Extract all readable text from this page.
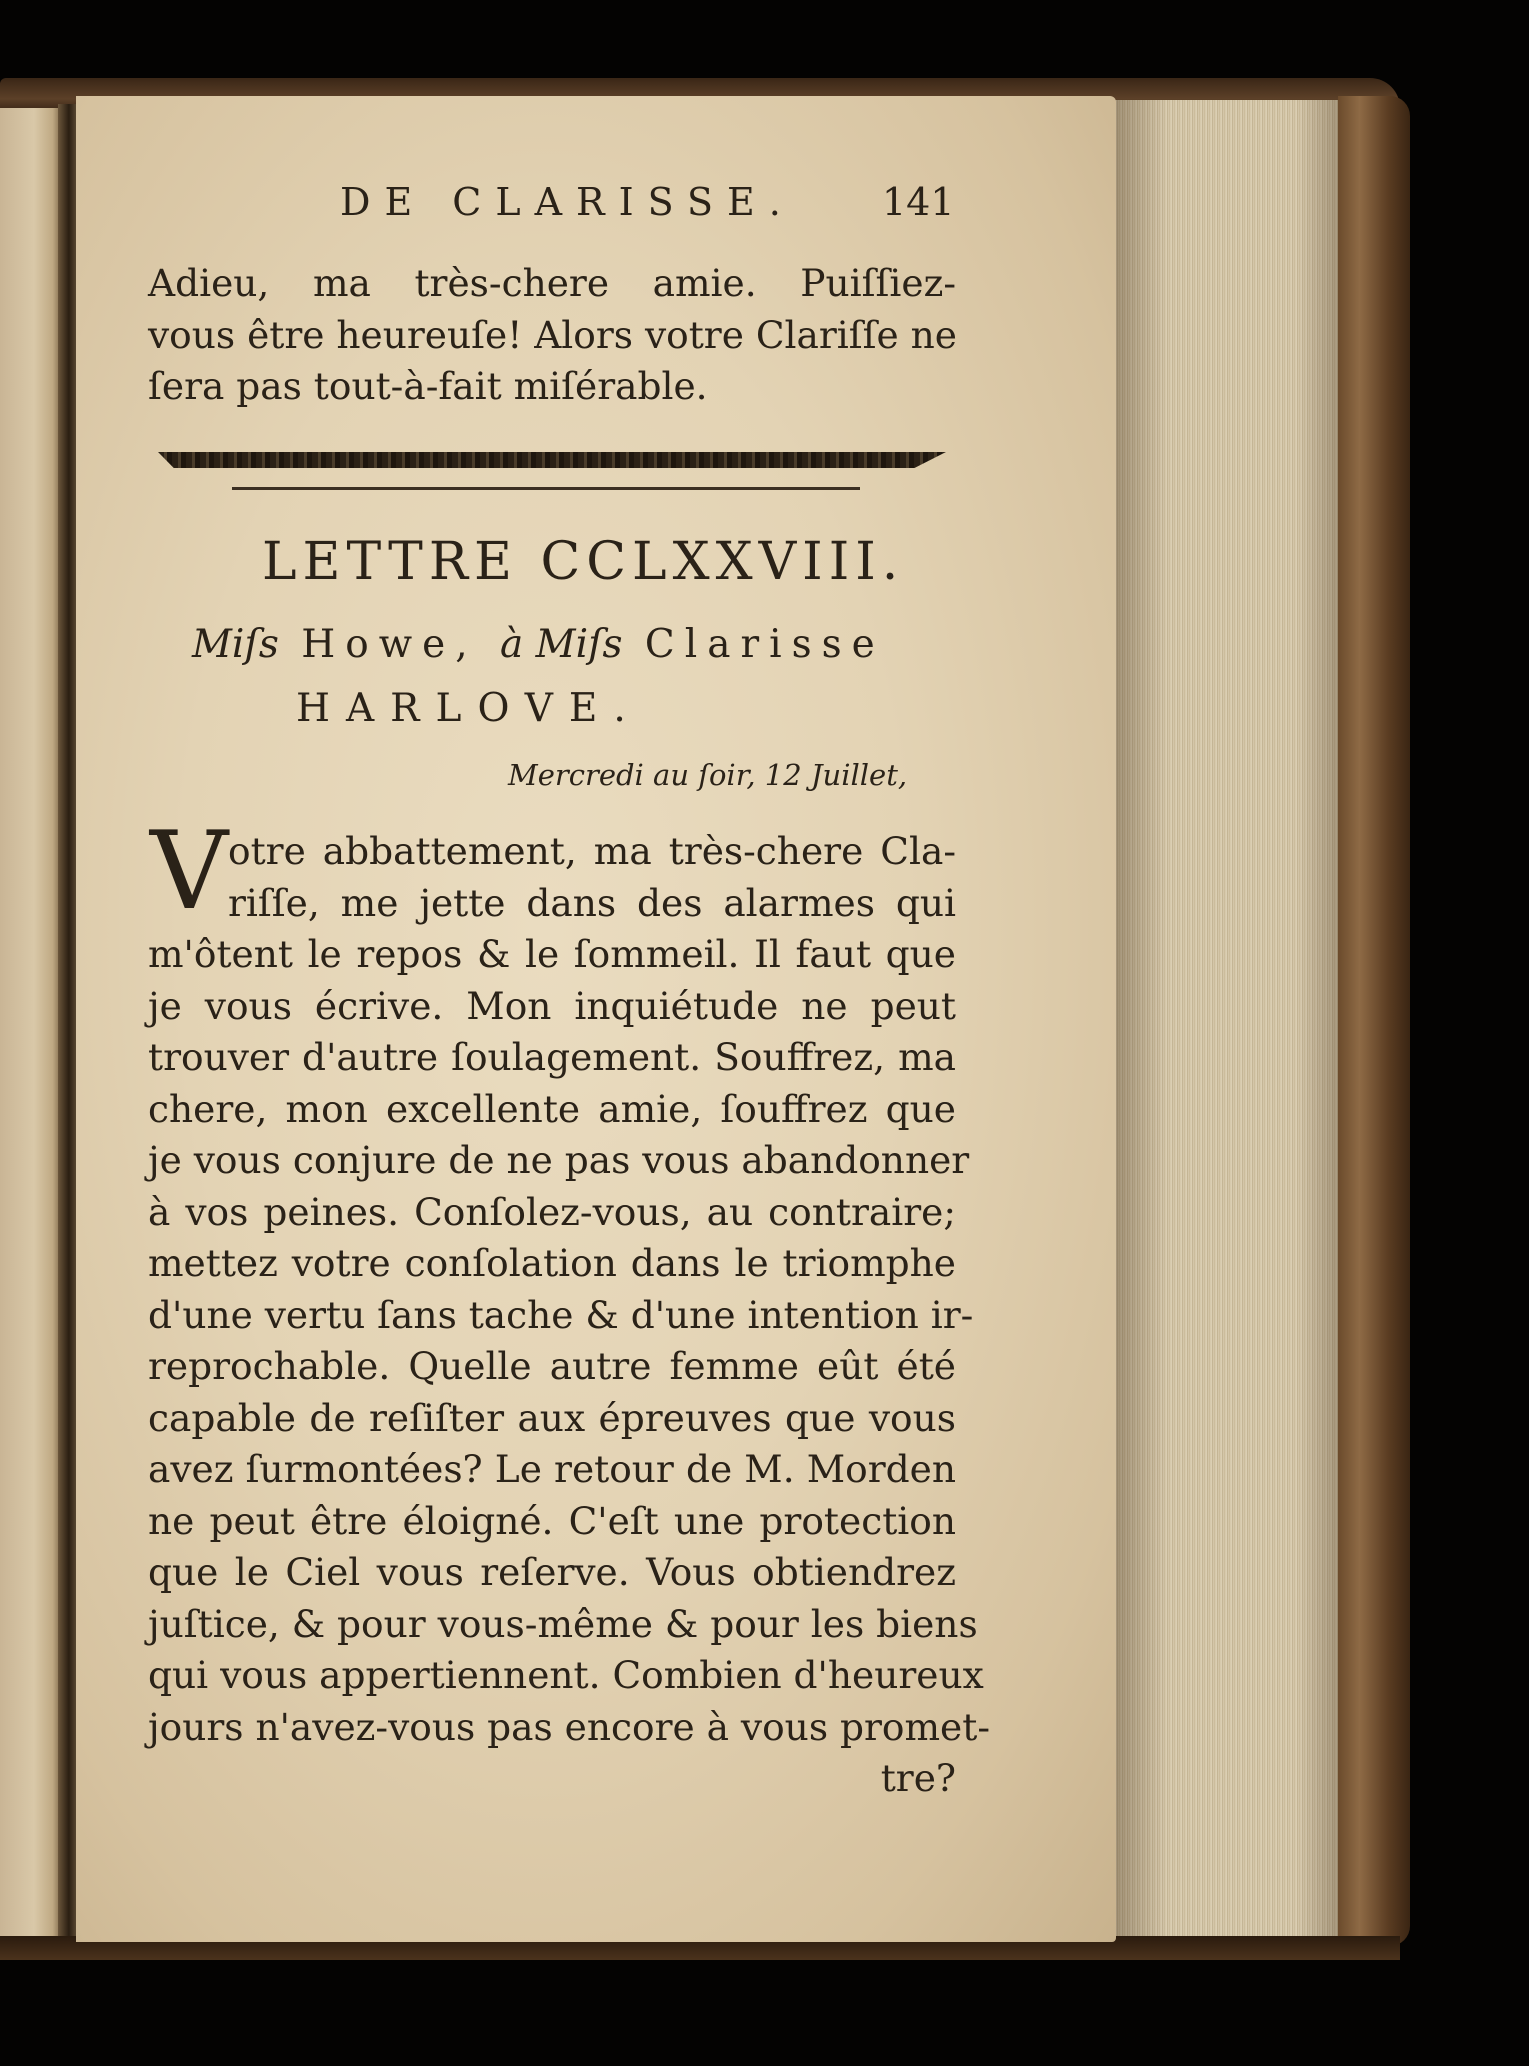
DE CLARISSE. 141
Adieu, ma très-chere amie. Puiſſiez-
vous être heureuſe! Alors votre Clariſſe ne
ſera pas tout-à-fait miſérable.
LETTRE CCLXXVIII.
Miſs Howe, à Miſs Clarisse
HARLOVE.
Mercredi au ſoir, 12 Juillet,
V otre abbattement, ma très-chere Cla-
riſſe, me jette dans des alarmes qui
m'ôtent le repos & le ſommeil. Il faut que
je vous écrive. Mon inquiétude ne peut
trouver d'autre ſoulagement. Souffrez, ma
chere, mon excellente amie, ſouffrez que
je vous conjure de ne pas vous abandonner
à vos peines. Conſolez-vous, au contraire;
mettez votre conſolation dans le triomphe
d'une vertu ſans tache & d'une intention ir-
reprochable. Quelle autre femme eût été
capable de reſiſter aux épreuves que vous
avez ſurmontées? Le retour de M. Morden
ne peut être éloigné. C'eſt une protection
que le Ciel vous reſerve. Vous obtiendrez
juſtice, & pour vous-même & pour les biens
qui vous appertiennent. Combien d'heureux
jours n'avez-vous pas encore à vous promet-
tre?
